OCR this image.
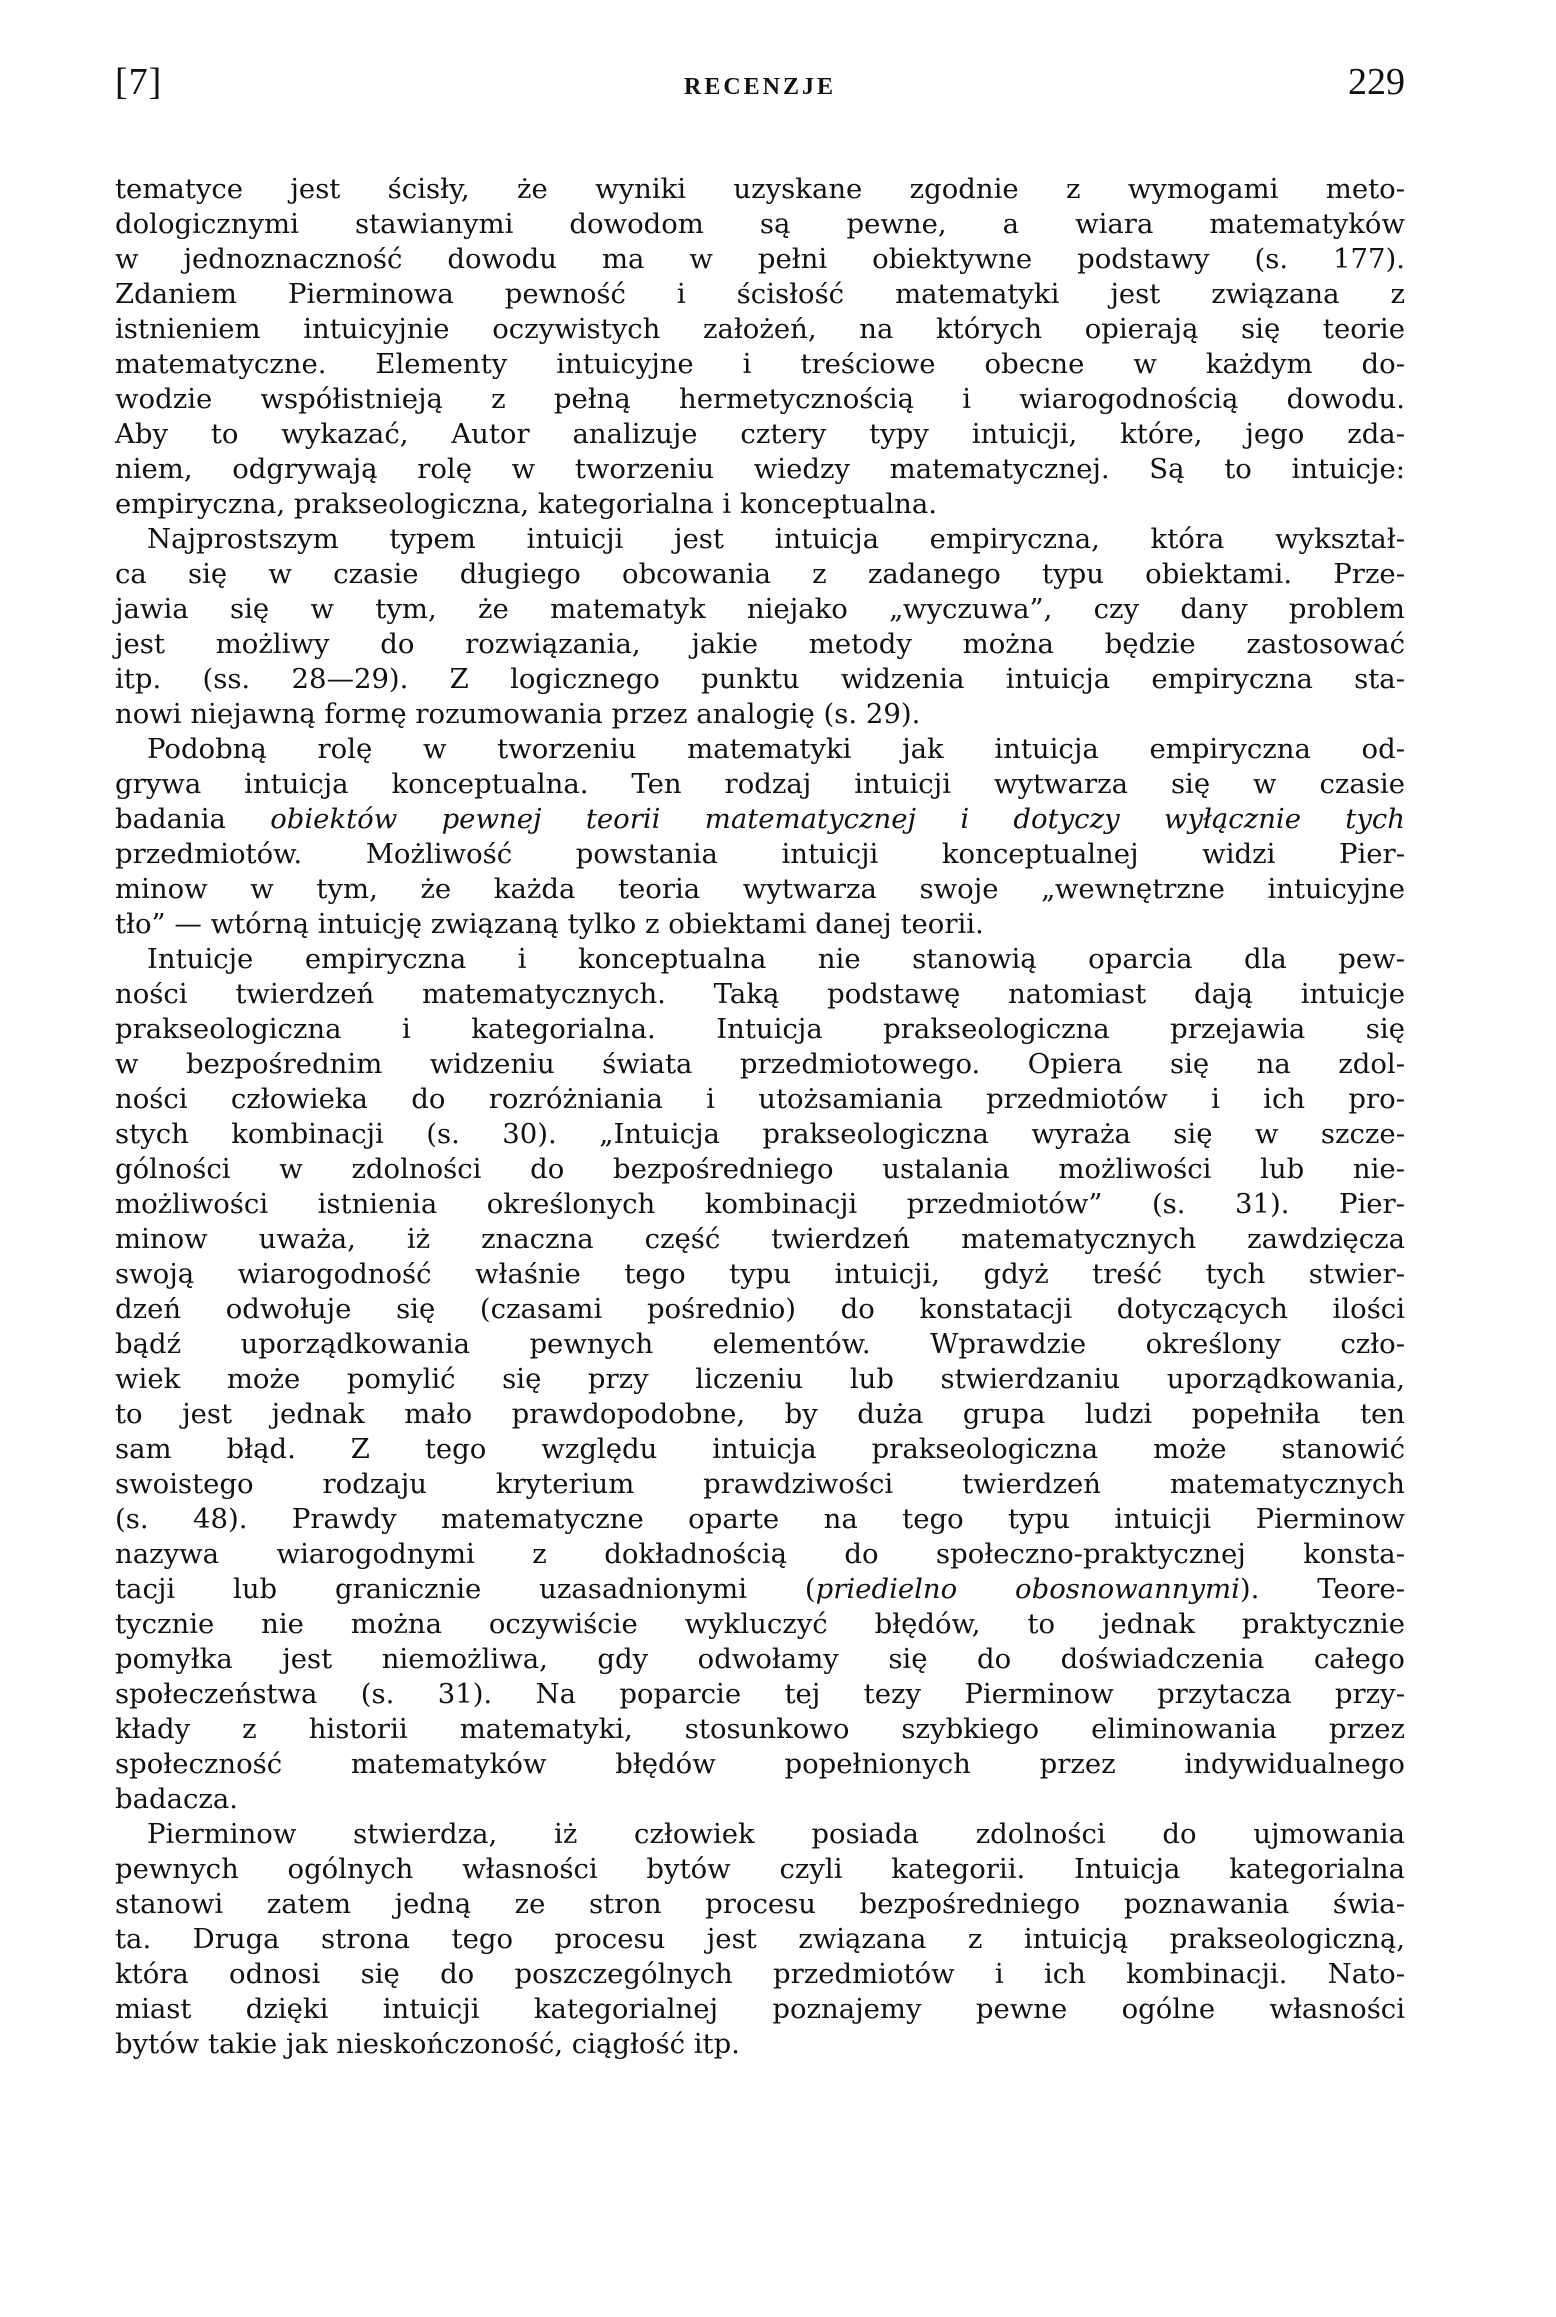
[7]	RECENZJE	229
tematyce jest ścisły, że wyniki uzyskane zgodnie z wymogami meto-
dologicznymi stawianymi dowodom są pewne, a wiara matematyków
w jednoznaczność dowodu ma w pełni obiektywne podstawy (s. 177).
Zdaniem Pierminowa pewność i ścisłość matematyki jest związana z
istnieniem intuicyjnie oczywistych założeń, na których opierają się teorie
matematyczne. Elementy intuicyjne i treściowe obecne w każdym do-
wodzie współistnieją z pełną hermetycznością i wiarogodnością dowodu.
Aby to wykazać, Autor analizuje cztery typy intuicji, które, jego zda-
niem, odgrywają rolę w tworzeniu wiedzy matematycznej. Są to intuicje:
empiryczna, prakseologiczna, kategorialna i konceptualna.
Najprostszym typem intuicji jest intuicja empiryczna, która wykształ-
ca się w czasie długiego obcowania z zadanego typu obiektami. Prze-
jawia się w tym, że matematyk niejako „wyczuwa”, czy dany problem
jest możliwy do rozwiązania, jakie metody można będzie zastosować
itp. (ss. 28—29). Z logicznego punktu widzenia intuicja empiryczna sta-
nowi niejawną formę rozumowania przez analogię (s. 29).
Podobną rolę w tworzeniu matematyki jak intuicja empiryczna od-
grywa intuicja konceptualna. Ten rodzaj intuicji wytwarza się w czasie
badania obiektów pewnej teorii matematycznej i dotyczy wyłącznie tych
przedmiotów. Możliwość powstania intuicji konceptualnej widzi Pier-
minow w tym, że każda teoria wytwarza swoje „wewnętrzne intuicyjne
tło” — wtórną intuicję związaną tylko z obiektami danej teorii.
Intuicje empiryczna i konceptualna nie stanowią oparcia dla pew-
ności twierdzeń matematycznych. Taką podstawę natomiast dają intuicje
prakseologiczna i kategorialna. Intuicja prakseologiczna przejawia się
w bezpośrednim widzeniu świata przedmiotowego. Opiera się na zdol-
ności człowieka do rozróżniania i utożsamiania przedmiotów i ich pro-
stych kombinacji (s. 30). „Intuicja prakseologiczna wyraża się w szcze-
gólności w zdolności do bezpośredniego ustalania możliwości lub nie-
możliwości istnienia określonych kombinacji przedmiotów” (s. 31). Pier-
minow uważa, iż znaczna część twierdzeń matematycznych zawdzięcza
swoją wiarogodność właśnie tego typu intuicji, gdyż treść tych stwier-
dzeń odwołuje się (czasami pośrednio) do konstatacji dotyczących ilości
bądź uporządkowania pewnych elementów. Wprawdzie określony czło-
wiek może pomylić się przy liczeniu lub stwierdzaniu uporządkowania,
to jest jednak mało prawdopodobne, by duża grupa ludzi popełniła ten
sam błąd. Z tego względu intuicja prakseologiczna może stanowić
swoistego rodzaju kryterium prawdziwości twierdzeń matematycznych
(s. 48). Prawdy matematyczne oparte na tego typu intuicji Pierminow
nazywa wiarogodnymi z dokładnością do społeczno-praktycznej konsta-
tacji lub granicznie uzasadnionymi (priedielno obosnowannymi). Teore-
tycznie nie można oczywiście wykluczyć błędów, to jednak praktycznie
pomyłka jest niemożliwa, gdy odwołamy się do doświadczenia całego
społeczeństwa (s. 31). Na poparcie tej tezy Pierminow przytacza przy-
kłady z historii matematyki, stosunkowo szybkiego eliminowania przez
społeczność matematyków błędów popełnionych przez indywidualnego
badacza.
Pierminow stwierdza, iż człowiek posiada zdolności do ujmowania
pewnych ogólnych własności bytów czyli kategorii. Intuicja kategorialna
stanowi zatem jedną ze stron procesu bezpośredniego poznawania świa-
ta. Druga strona tego procesu jest związana z intuicją prakseologiczną,
która odnosi się do poszczególnych przedmiotów i ich kombinacji. Nato-
miast dzięki intuicji kategorialnej poznajemy pewne ogólne własności
bytów takie jak nieskończoność, ciągłość itp.
